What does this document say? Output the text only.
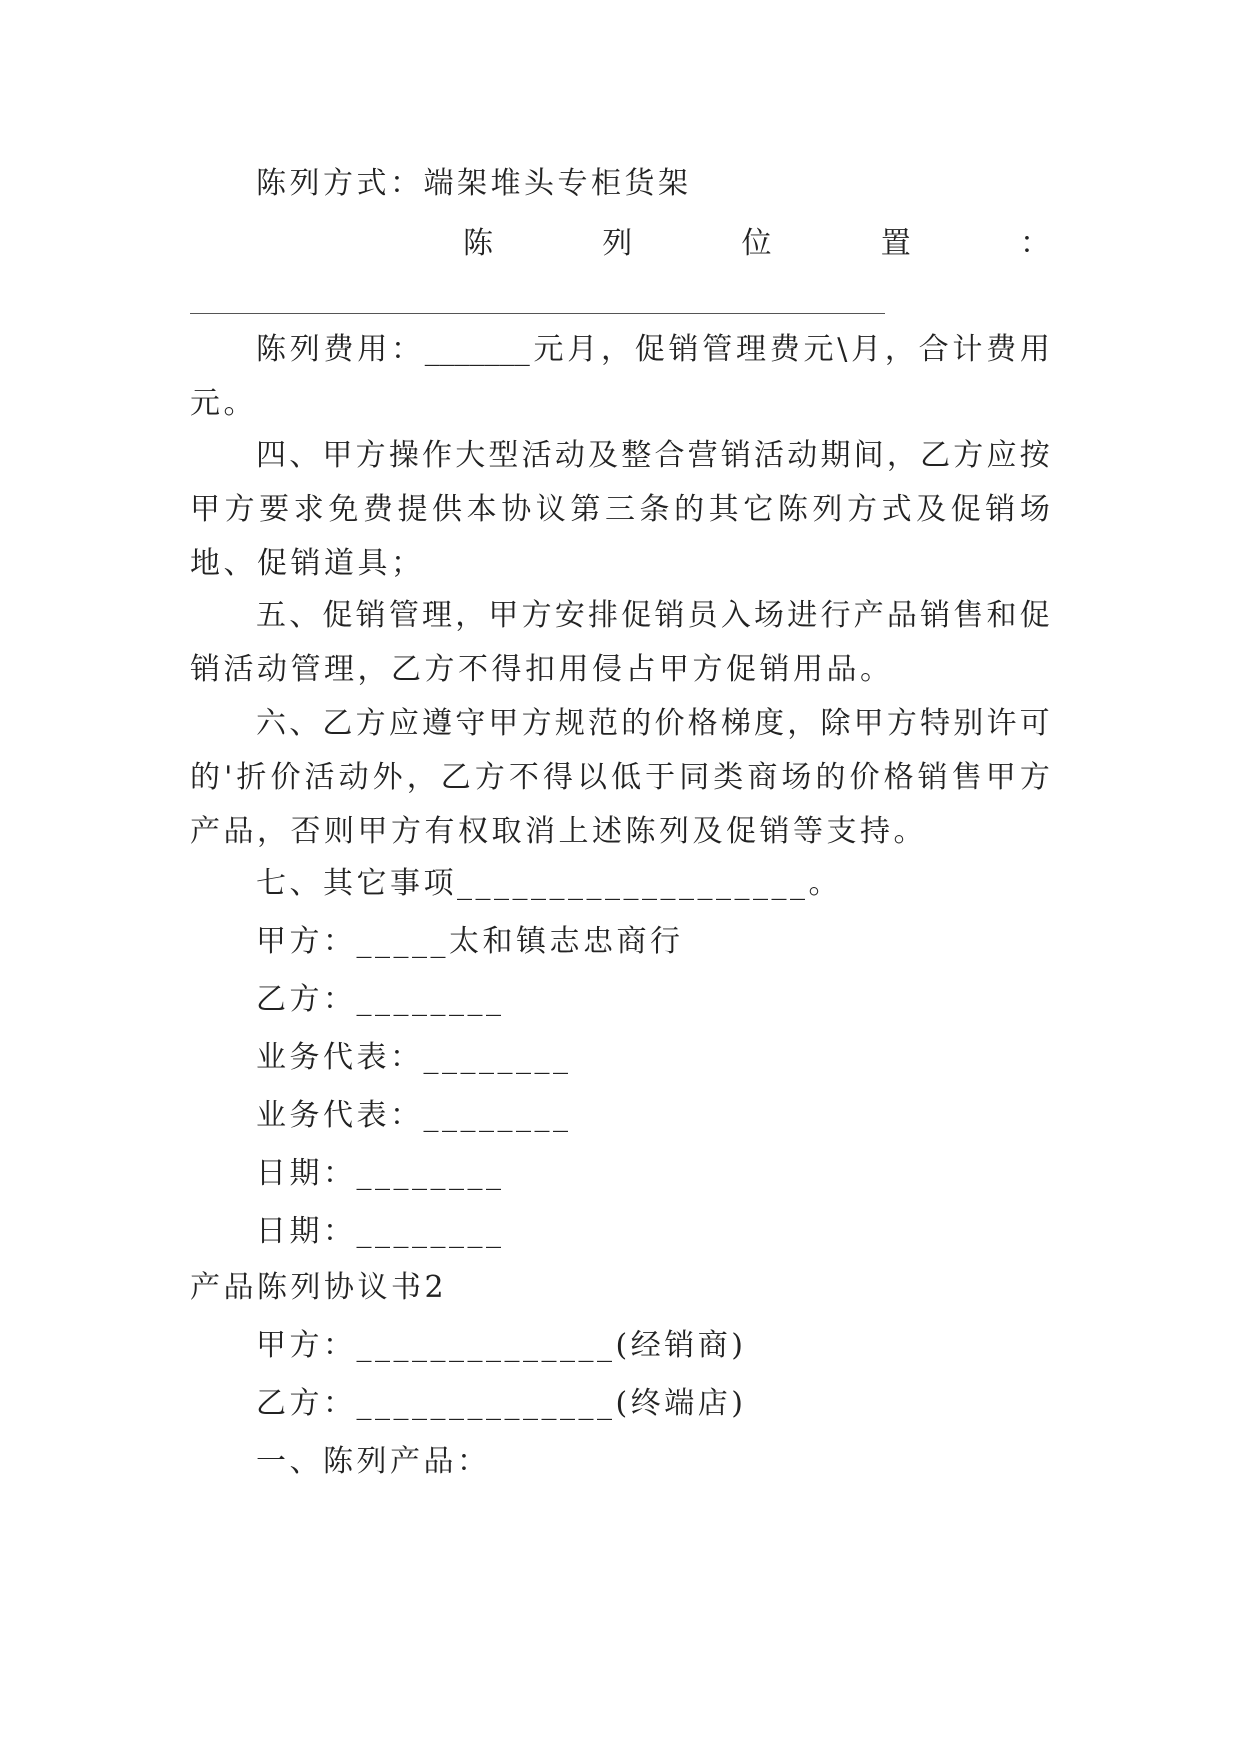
陈列方式：端架堆头专柜货架
陈	列	位	置	：
陈 列 费 用 ： _______ 元 月 ， 促 销 管 理 费 元 \ 月 ， 合 计 费 用
元。
四 、 甲 方 操 作 大 型 活 动 及 整 合 营 销 活 动 期 间 ， 乙 方 应 按
甲 方 要 求 免 费 提 供 本 协 议 第 三 条 的 其 它 陈 列 方 式 及 促 销 场
地、促销道具；
五 、 促 销 管 理 ， 甲 方 安 排 促 销 员 入 场 进 行 产 品 销 售 和 促
销活动管理，乙方不得扣用侵占甲方促销用品。
六 、 乙 方 应 遵 守 甲 方 规 范 的 价 格 梯 度 ， 除 甲 方 特 别 许 可
的 ' 折 价 活 动 外 ， 乙 方 不 得 以 低 于 同 类 商 场 的 价 格 销 售 甲 方
产品，否则甲方有权取消上述陈列及促销等支持。
七、其它事项___________________。
甲方：_____太和镇志忠商行
乙方：________
业务代表：________
业务代表：________
日期：________
日期：________
产品陈列协议书2
甲方：______________(经销商)
乙方：______________(终端店)
一、陈列产品：
